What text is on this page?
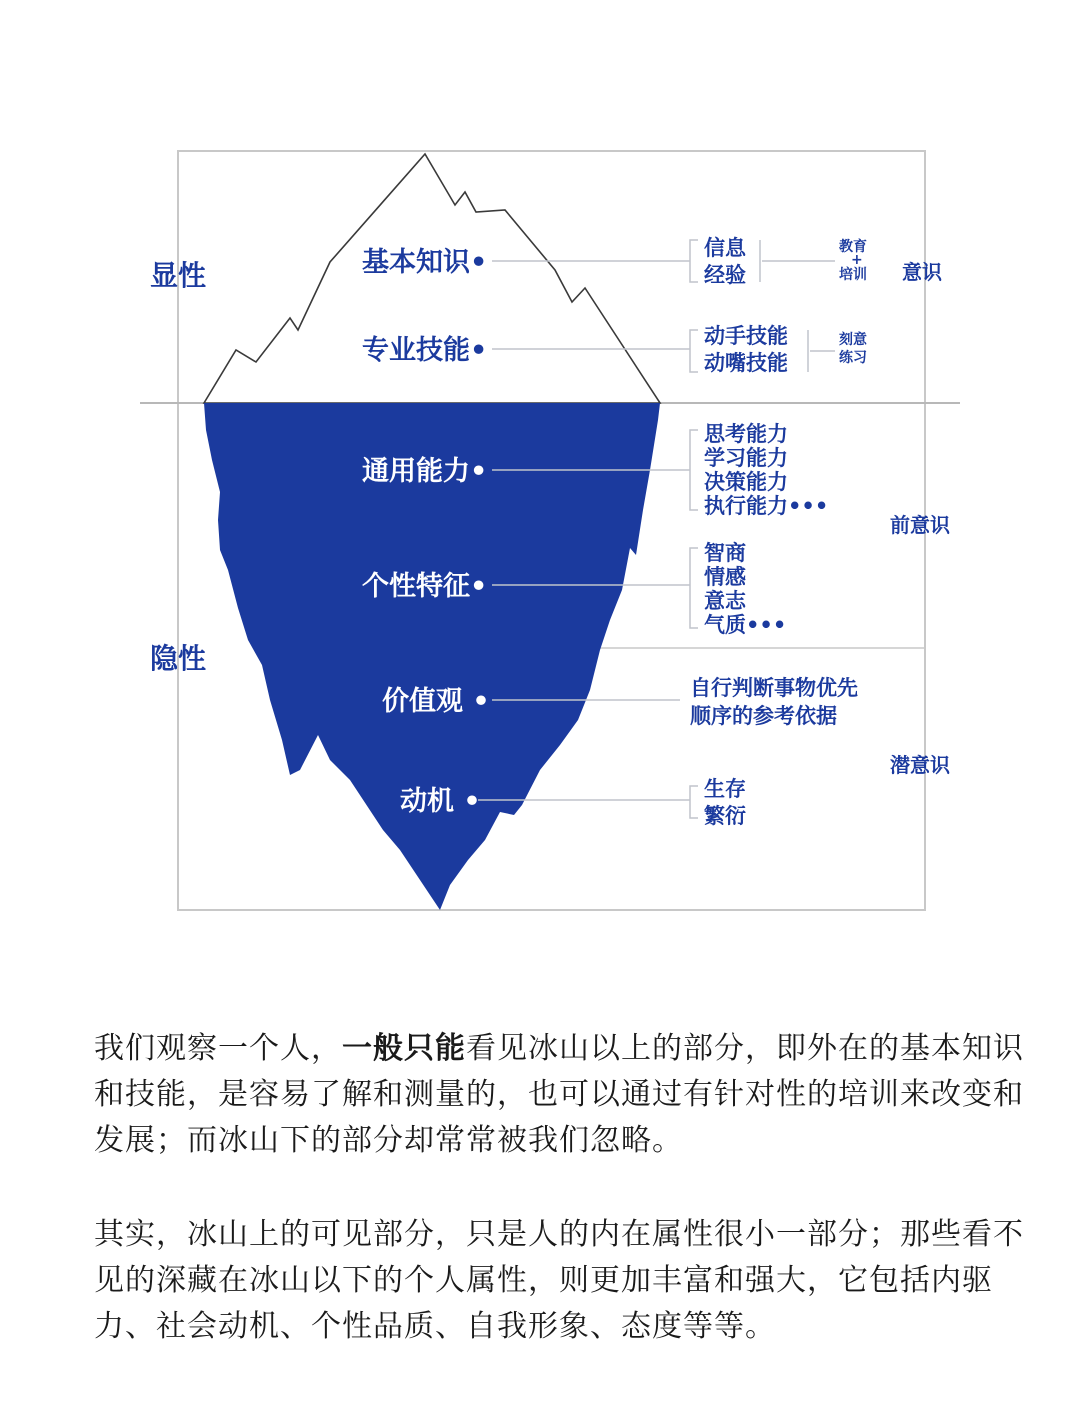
显性
隐性
基本知识•
专业技能•
通用能力•
个性特征•
价值观 •
动机 •
信息
经验
动手技能
动嘴技能
思考能力
学习能力
决策能力
执行能力•••
智商
情感
意志
气质•••
自行判断事物优先
顺序的参考依据
生存
繁衍
教育
+
培训
刻意
练习
意识
前意识
潜意识

我们观察一个人，一般只能看见冰山以上的部分，即外在的基本知识和技能，是容易了解和测量的，也可以通过有针对性的培训来改变和发展；而冰山下的部分却常常被我们忽略。

其实，冰山上的可见部分，只是人的内在属性很小一部分；那些看不见的深藏在冰山以下的个人属性，则更加丰富和强大，它包括内驱力、社会动机、个性品质、自我形象、态度等等。
